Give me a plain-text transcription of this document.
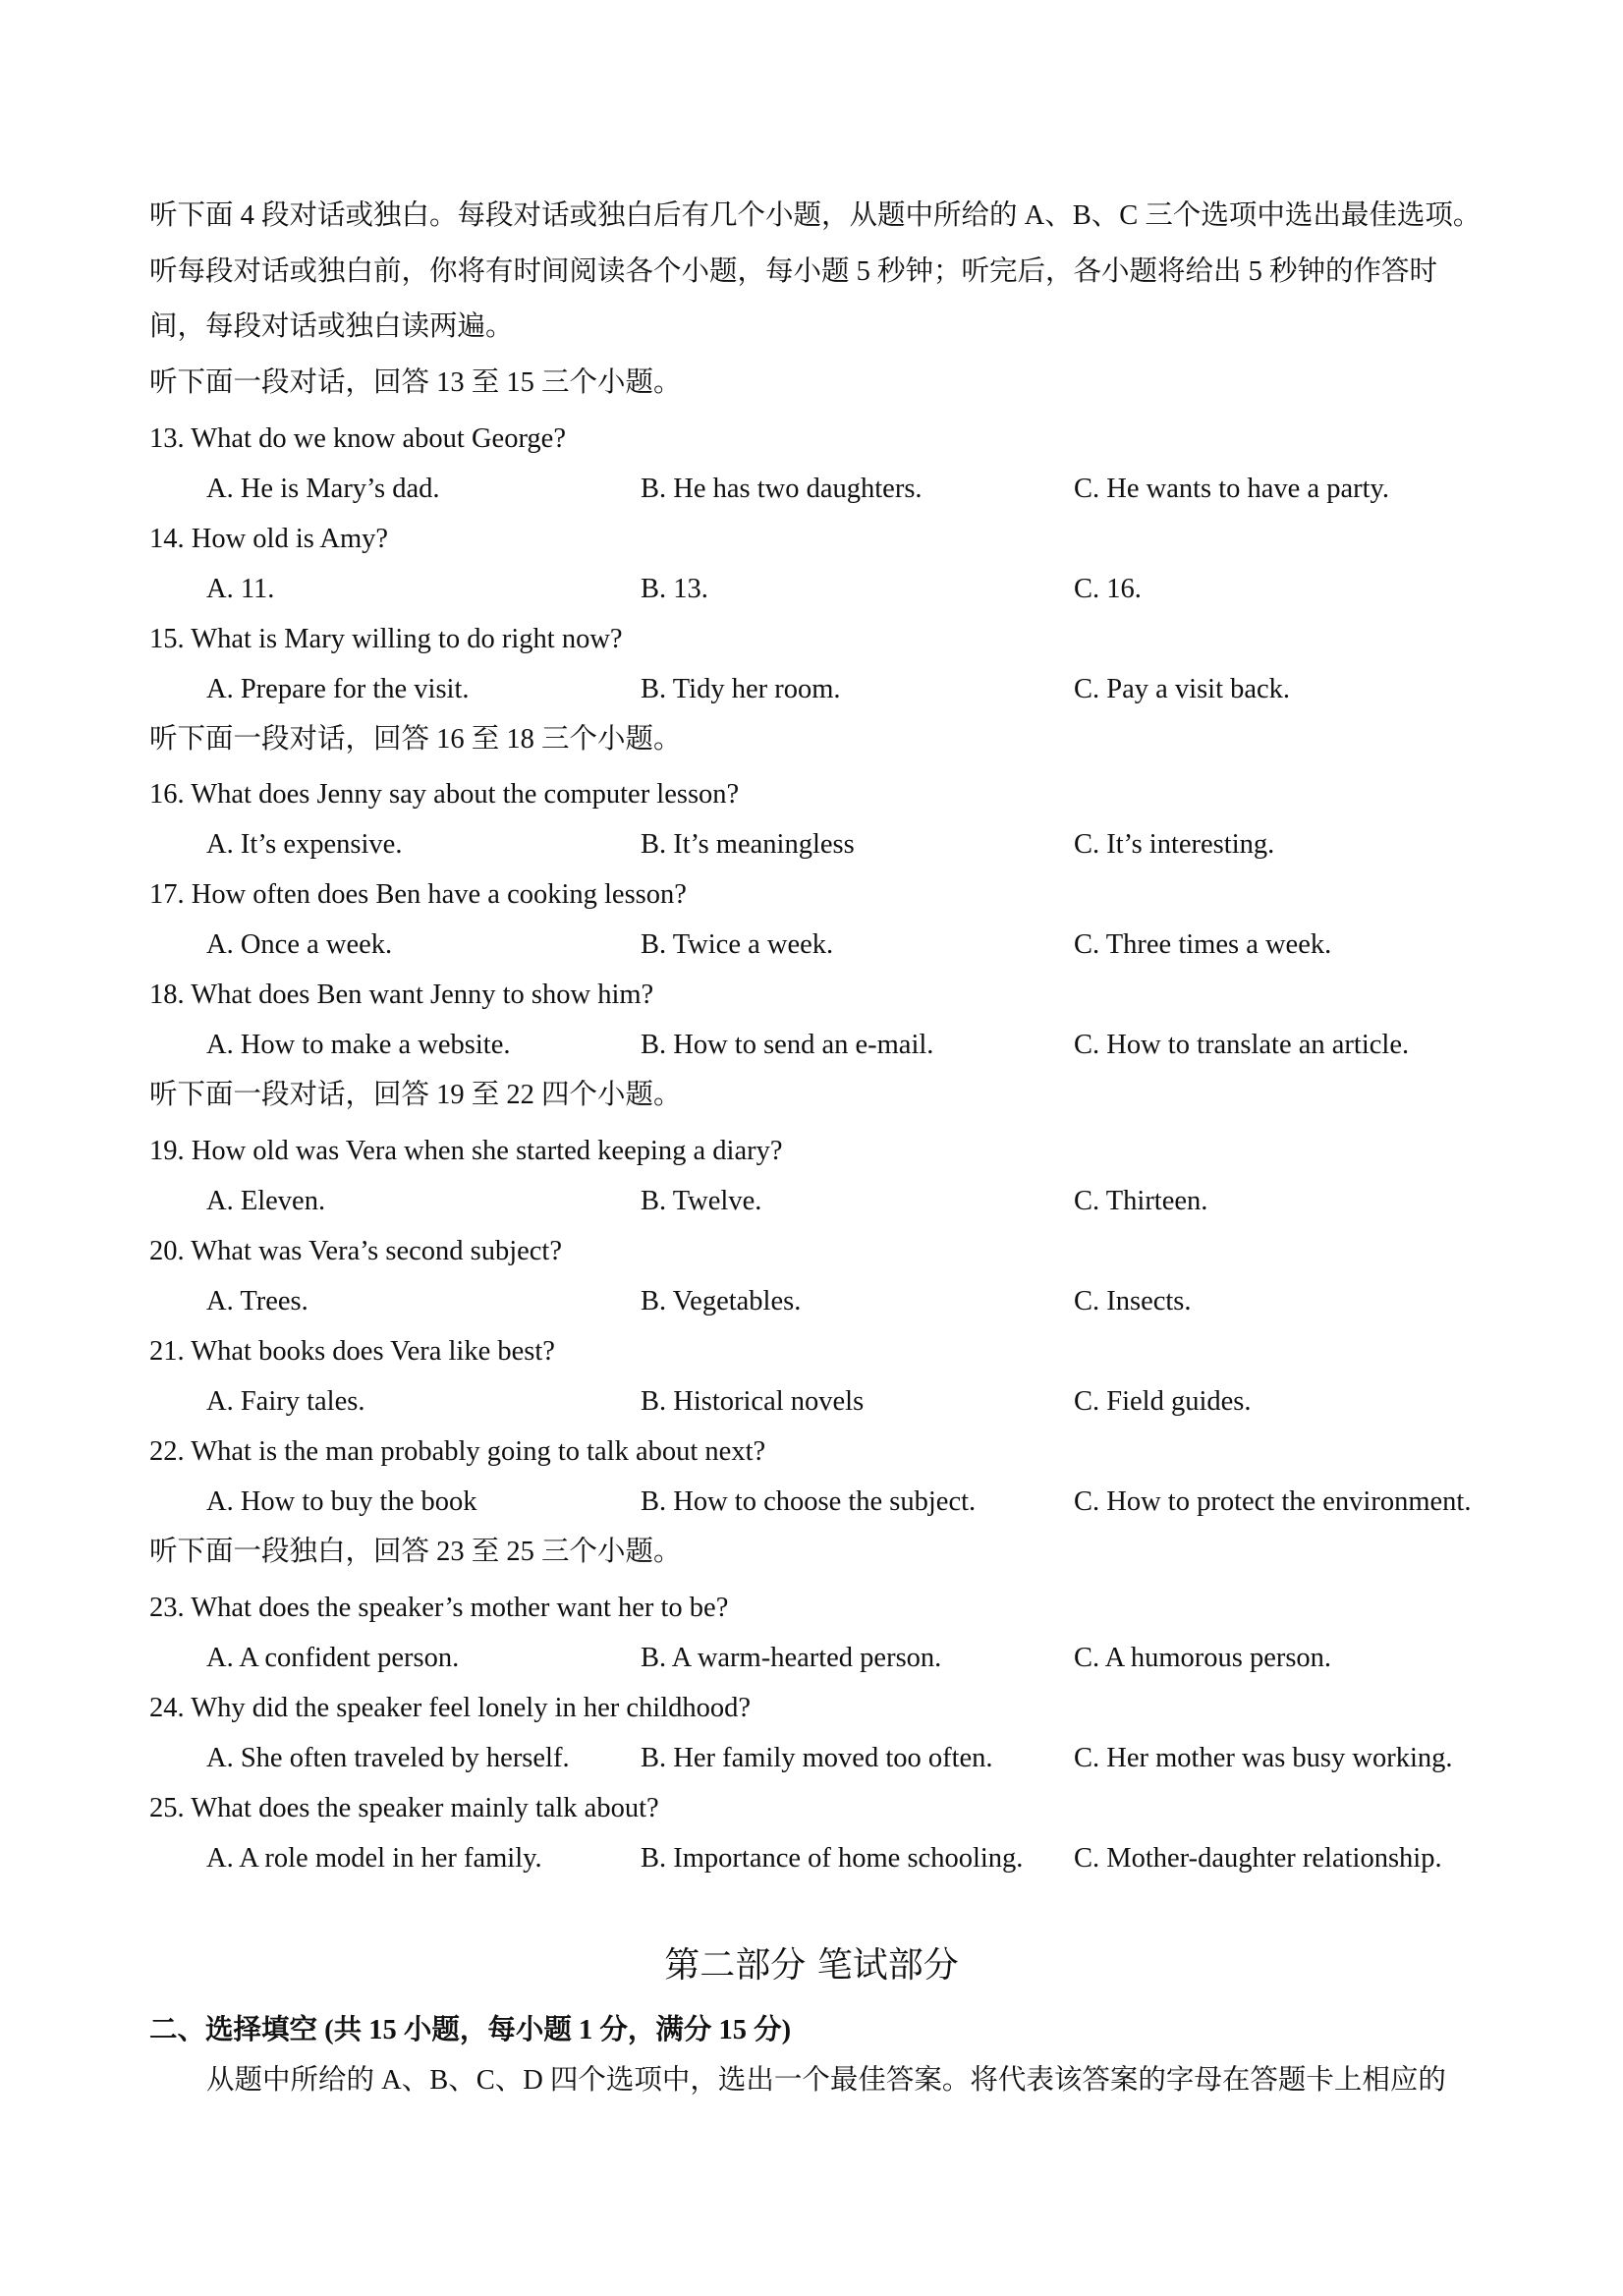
听下面 4 段对话或独白。每段对话或独白后有几个小题，从题中所给的 A、B、C 三个选项中选出最佳选项。
听每段对话或独白前，你将有时间阅读各个小题，每小题 5 秒钟；听完后，各小题将给出 5 秒钟的作答时
间，每段对话或独白读两遍。
听下面一段对话，回答 13 至 15 三个小题。
13. What do we know about George?
A. He is Mary’s dad.	B. He has two daughters.	C. He wants to have a party.
14. How old is Amy?
A. 11.	B. 13.	C. 16.
15. What is Mary willing to do right now?
A. Prepare for the visit.	B. Tidy her room.	C. Pay a visit back.
听下面一段对话，回答 16 至 18 三个小题。
16. What does Jenny say about the computer lesson?
A. It’s expensive.	B. It’s meaningless	C. It’s interesting.
17. How often does Ben have a cooking lesson?
A. Once a week.	B. Twice a week.	C. Three times a week.
18. What does Ben want Jenny to show him?
A. How to make a website.	B. How to send an e-mail.	C. How to translate an article.
听下面一段对话，回答 19 至 22 四个小题。
19. How old was Vera when she started keeping a diary?
A. Eleven.	B. Twelve.	C. Thirteen.
20. What was Vera’s second subject?
A. Trees.	B. Vegetables.	C. Insects.
21. What books does Vera like best?
A. Fairy tales.	B. Historical novels	C. Field guides.
22. What is the man probably going to talk about next?
A. How to buy the book	B. How to choose the subject.	C. How to protect the environment.
听下面一段独白，回答 23 至 25 三个小题。
23. What does the speaker’s mother want her to be?
A. A confident person.	B. A warm-hearted person.	C. A humorous person.
24. Why did the speaker feel lonely in her childhood?
A. She often traveled by herself.	B. Her family moved too often.	C. Her mother was busy working.
25. What does the speaker mainly talk about?
A. A role model in her family.	B. Importance of home schooling. C. Mother-daughter relationship.
第二部分 笔试部分
二、选择填空 (共 15 小题，每小题 1 分，满分 15 分)
从题中所给的 A、B、C、D 四个选项中，选出一个最佳答案。将代表该答案的字母在答题卡上相应的
